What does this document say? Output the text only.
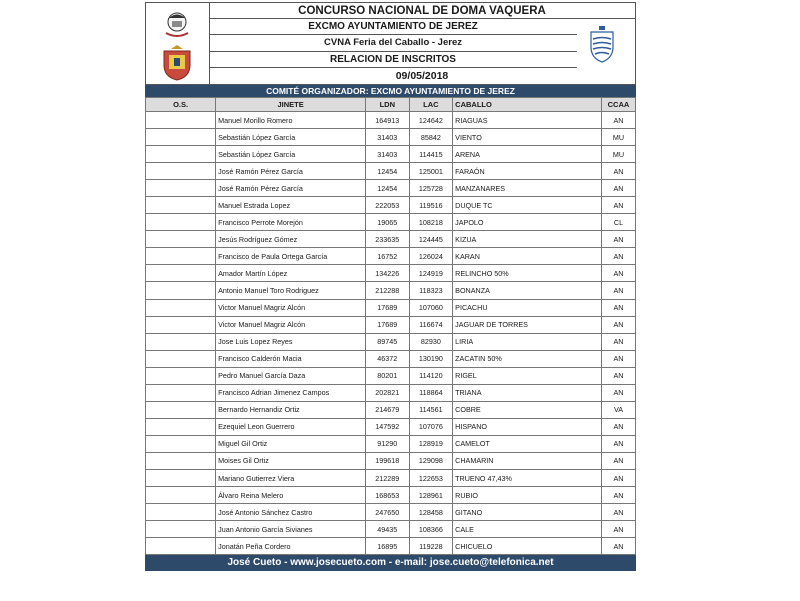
CONCURSO NACIONAL DE DOMA VAQUERA
EXCMO AYUNTAMIENTO DE JEREZ
CVNA Feria del Caballo - Jerez
RELACION DE INSCRITOS
09/05/2018
COMITÉ ORGANIZADOR: EXCMO AYUNTAMIENTO DE JEREZ
O.S.	JINETE	LDN	LAC	CABALLO	CCAA
	Manuel Morillo Romero	164913	124642	RIAGUAS	AN
	Sebastián López García	31403	85842	VIENTO	MU
	Sebastián López García	31403	114415	ARENA	MU
	José Ramón Pérez García	12454	125001	FARAÓN	AN
	José Ramón Pérez García	12454	125728	MANZANARES	AN
	Manuel Estrada Lopez	222053	119516	DUQUE TC	AN
	Francisco Perrote Morejón	19065	108218	JAPOLO	CL
	Jesús Rodríguez Gómez	233635	124445	KIZUA	AN
	Francisco de Paula Ortega García	16752	126024	KARAN	AN
	Amador Martín López	134226	124919	RELINCHO 50%	AN
	Antonio Manuel Toro Rodriguez	212288	118323	BONANZA	AN
	Victor Manuel Magriz Alcón	17689	107060	PICACHU	AN
	Victor Manuel Magriz Alcón	17689	116674	JAGUAR DE TORRES	AN
	Jose Luis Lopez Reyes	89745	82930	LIRIA	AN
	Francisco Calderón Macia	46372	130190	ZACATIN 50%	AN
	Pedro Manuel García Daza	80201	114120	RIGEL	AN
	Francisco Adrian Jimenez Campos	202821	118864	TRIANA	AN
	Bernardo Hernandiz Ortiz	214679	114561	COBRE	VA
	Ezequiel Leon Guerrero	147592	107076	HISPANO	AN
	Miguel Gil Ortiz	91290	128919	CAMELOT	AN
	Moises Gil Ortiz	199618	129098	CHAMARIN	AN
	Mariano Gutierrez Viera	212289	122653	TRUENO 47,43%	AN
	Álvaro Reina Melero	168653	128961	RUBIO	AN
	José Antonio Sánchez Castro	247650	128458	GITANO	AN
	Juan Antonio García Sivianes	49435	108366	CALE	AN
	Jonatán Peña Cordero	16895	119228	CHICUELO	AN
José Cueto - www.josecueto.com - e-mail: jose.cueto@telefonica.net
